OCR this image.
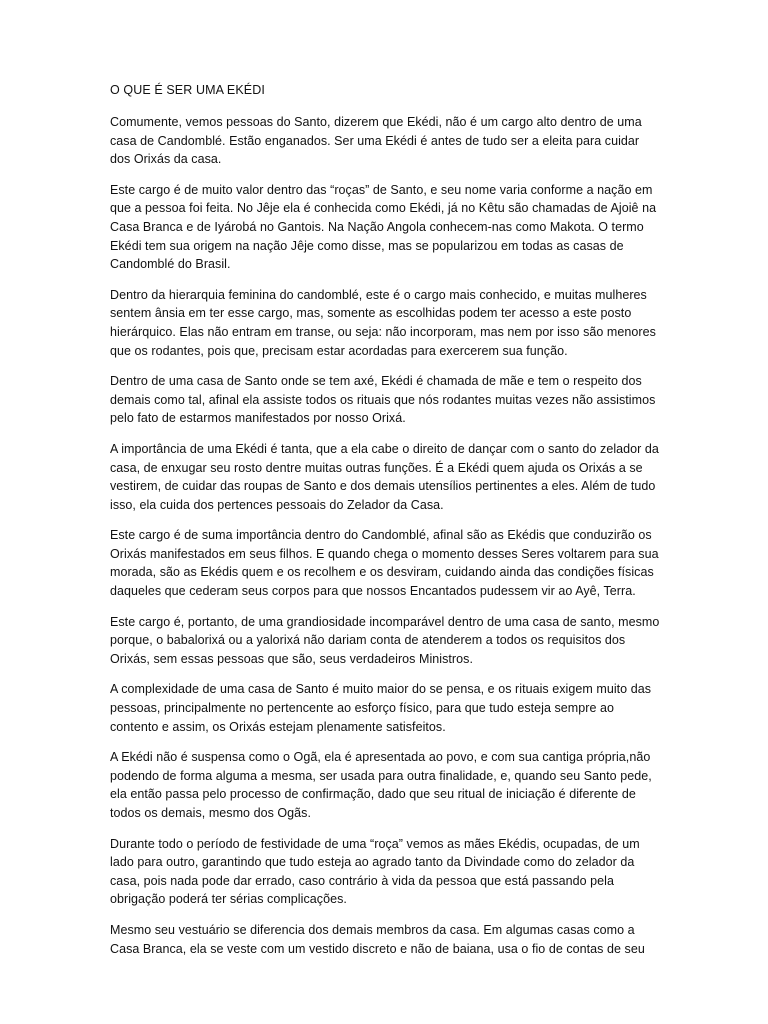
O QUE É SER UMA EKÉDI

Comumente, vemos pessoas do Santo, dizerem que Ekédi, não é um cargo alto dentro de uma casa de Candomblé. Estão enganados. Ser uma Ekédi é antes de tudo ser a eleita para cuidar dos Orixás da casa.

Este cargo é de muito valor dentro das “roças” de Santo, e seu nome varia conforme a nação em que a pessoa foi feita. No Jêje ela é conhecida como Ekédi, já no Kêtu são chamadas de Ajoiê na Casa Branca e de Iyárobá no Gantois. Na Nação Angola conhecem-nas como Makota. O termo Ekédi tem sua origem na nação Jêje como disse, mas se popularizou em todas as casas de Candomblé do Brasil.

Dentro da hierarquia feminina do candomblé, este é o cargo mais conhecido, e muitas mulheres sentem ânsia em ter esse cargo, mas, somente as escolhidas podem ter acesso a este posto hierárquico. Elas não entram em transe, ou seja: não incorporam, mas nem por isso são menores que os rodantes, pois que, precisam estar acordadas para exercerem sua função.

Dentro de uma casa de Santo onde se tem axé, Ekédi é chamada de mãe e tem o respeito dos demais como tal, afinal ela assiste todos os rituais que nós rodantes muitas vezes não assistimos pelo fato de estarmos manifestados por nosso Orixá.

A importância de uma Ekédi é tanta, que a ela cabe o direito de dançar com o santo do zelador da casa, de enxugar seu rosto dentre muitas outras funções. É a Ekédi quem ajuda os Orixás a se vestirem, de cuidar das roupas de Santo e dos demais utensílios pertinentes a eles. Além de tudo isso, ela cuida dos pertences pessoais do Zelador da Casa.

Este cargo é de suma importância dentro do Candomblé, afinal são as Ekédis que conduzirão os Orixás manifestados em seus filhos. E quando chega o momento desses Seres voltarem para sua morada, são as Ekédis quem e os recolhem e os desviram, cuidando ainda das condições físicas daqueles que cederam seus corpos para que nossos Encantados pudessem vir ao Ayê, Terra.

Este cargo é, portanto, de uma grandiosidade incomparável dentro de uma casa de santo, mesmo porque, o babalorixá ou a yalorixá não dariam conta de atenderem a todos os requisitos dos Orixás, sem essas pessoas que são, seus verdadeiros Ministros.

A complexidade de uma casa de Santo é muito maior do se pensa, e os rituais exigem muito das pessoas, principalmente no pertencente ao esforço físico, para que tudo esteja sempre ao contento e assim, os Orixás estejam plenamente satisfeitos.

A Ekédi não é suspensa como o Ogã, ela é apresentada ao povo, e com sua cantiga própria,não podendo de forma alguma a mesma, ser usada para outra finalidade, e, quando seu Santo pede, ela então passa pelo processo de confirmação, dado que seu ritual de iniciação é diferente de todos os demais, mesmo dos Ogãs.

Durante todo o período de festividade de uma “roça” vemos as mães Ekédis, ocupadas, de um lado para outro, garantindo que tudo esteja ao agrado tanto da Divindade como do zelador da casa, pois nada pode dar errado, caso contrário à vida da pessoa que está passando pela obrigação poderá ter sérias complicações.

Mesmo seu vestuário se diferencia dos demais membros da casa. Em algumas casas como a Casa Branca, ela se veste com um vestido discreto e não de baiana, usa o fio de contas de seu
